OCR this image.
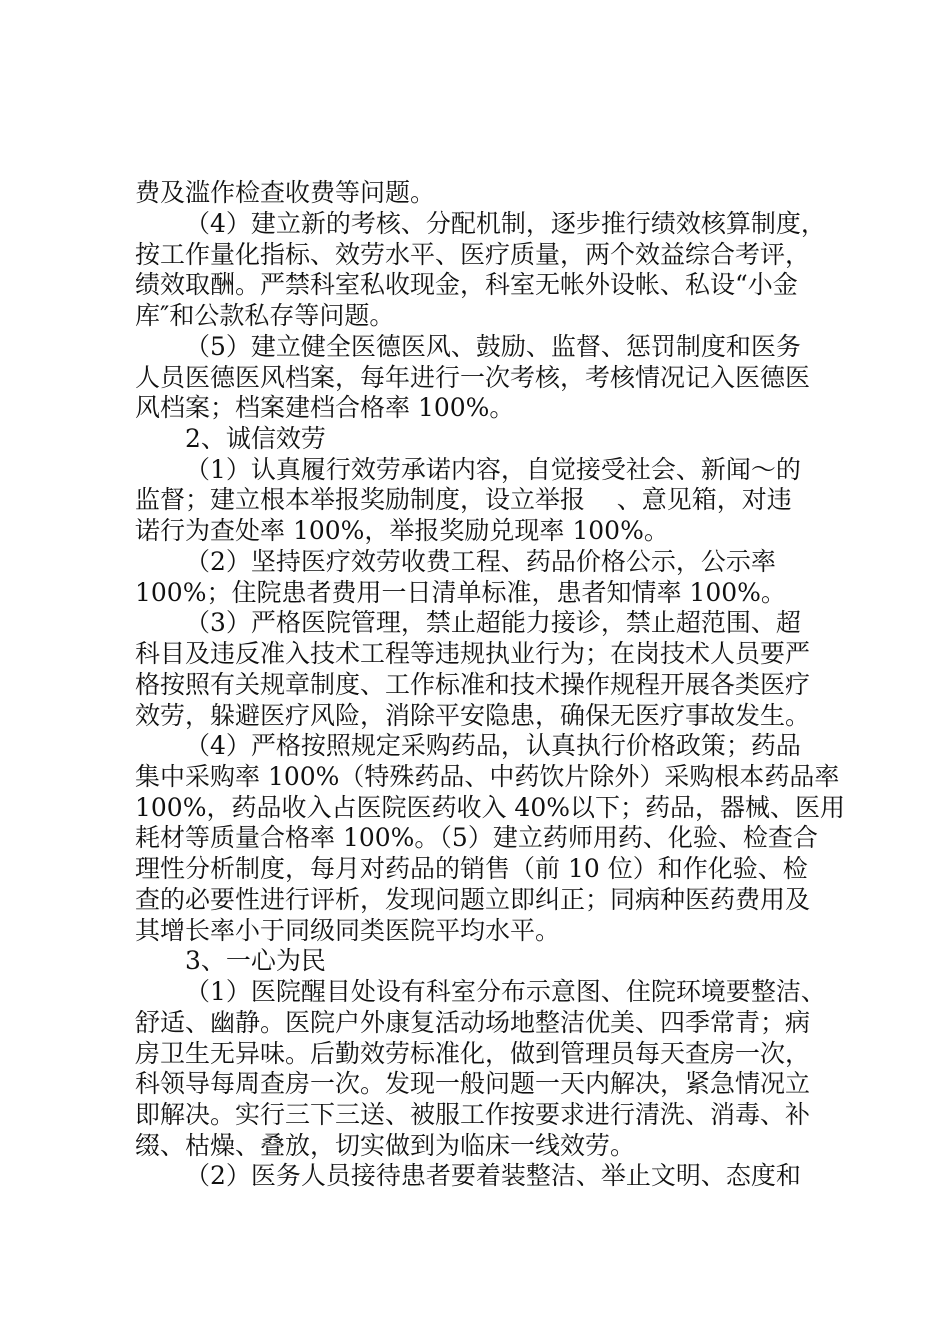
费及滥作检查收费等问题。
（4）建立新的考核、分配机制，逐步推行绩效核算制度，
按工作量化指标、效劳水平、医疗质量，两个效益综合考评，
绩效取酬。严禁科室私收现金，科室无帐外设帐、私设“小金
库″和公款私存等问题。
（5）建立健全医德医风、鼓励、监督、惩罚制度和医务
人员医德医风档案，每年进行一次考核，考核情况记入医德医
风档案；档案建档合格率 100%。
2、诚信效劳
（1）认真履行效劳承诺内容，自觉接受社会、新闻～的
监督；建立根本举报奖励制度，设立举报    、意见箱，对违
诺行为查处率 100%，举报奖励兑现率 100%。
（2）坚持医疗效劳收费工程、药品价格公示，公示率
100%；住院患者费用一日清单标准，患者知情率 100%。
（3）严格医院管理，禁止超能力接诊，禁止超范围、超
科目及违反准入技术工程等违规执业行为；在岗技术人员要严
格按照有关规章制度、工作标准和技术操作规程开展各类医疗
效劳，躲避医疗风险，消除平安隐患，确保无医疗事故发生。
（4）严格按照规定采购药品，认真执行价格政策；药品
集中采购率 100%（特殊药品、中药饮片除外）采购根本药品率
100%，药品收入占医院医药收入 40%以下；药品，器械、医用
耗材等质量合格率 100%。（5）建立药师用药、化验、检查合
理性分析制度，每月对药品的销售（前 10 位）和作化验、检
查的必要性进行评析，发现问题立即纠正；同病种医药费用及
其增长率小于同级同类医院平均水平。
3、一心为民
（1）医院醒目处设有科室分布示意图、住院环境要整洁、
舒适、幽静。医院户外康复活动场地整洁优美、四季常青；病
房卫生无异味。后勤效劳标准化，做到管理员每天查房一次，
科领导每周查房一次。发现一般问题一天内解决，紧急情况立
即解决。实行三下三送、被服工作按要求进行清洗、消毒、补
缀、枯燥、叠放，切实做到为临床一线效劳。
（2）医务人员接待患者要着装整洁、举止文明、态度和
